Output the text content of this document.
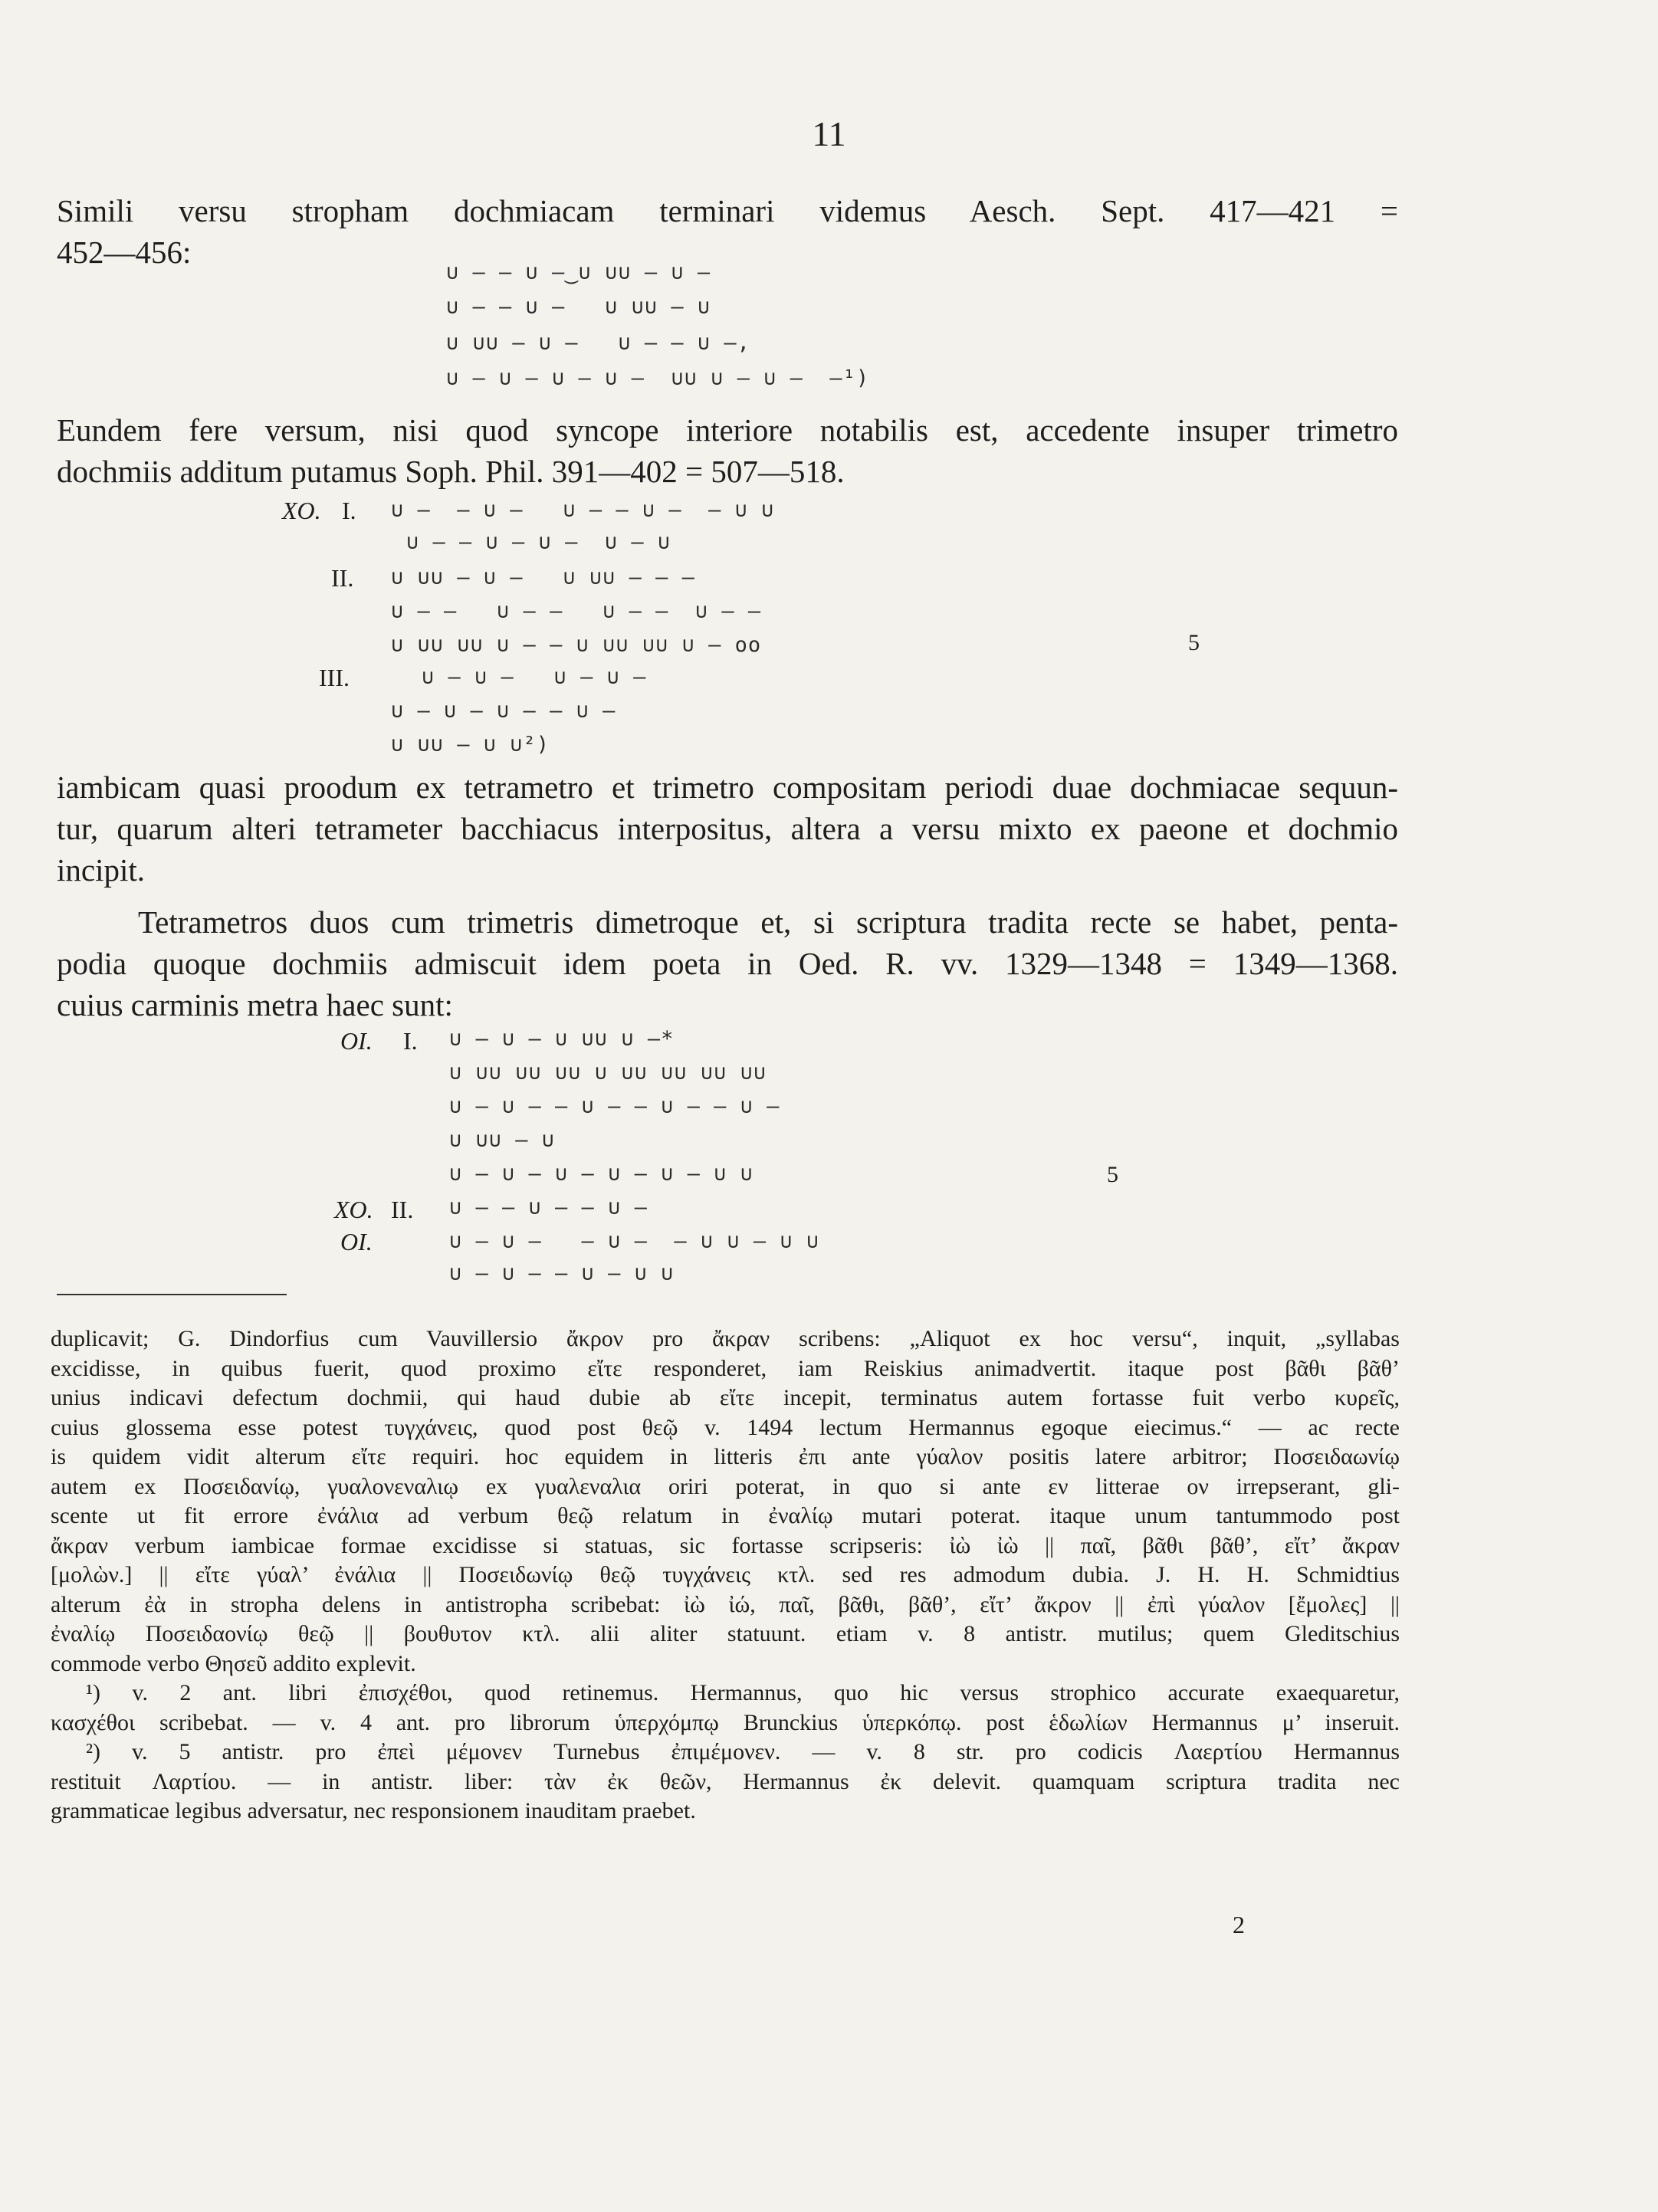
11
Simili versu stropham dochmiacam terminari videmus Aesch. Sept. 417—421 =
452—456:
∪ — — ∪ —‿∪ ∪∪ — ∪ —
∪ — — ∪ —   ∪ ∪∪ — ∪
∪ ∪∪ — ∪ —   ∪ — — ∪ —,
∪ — ∪ — ∪ — ∪ —  ∪∪ ∪ — ∪ —  —¹)
Eundem fere versum, nisi quod syncope interiore notabilis est, accedente insuper trimetro
dochmiis additum putamus Soph. Phil. 391—402 = 507—518.
XO. I.
II.
III.
5
∪ —  — ∪ —   ∪ — — ∪ —  — ∪ ∪
∪ — — ∪ — ∪ —  ∪ — ∪
∪ ∪∪ — ∪ —   ∪ ∪∪ — — —
∪ — —   ∪ — —   ∪ — —  ∪ — —
∪ ∪∪ ∪∪ ∪ — — ∪ ∪∪ ∪∪ ∪ — oo
∪ — ∪ —   ∪ — ∪ —
∪ — ∪ — ∪ — — ∪ —
∪ ∪∪ — ∪ ∪²)
iambicam quasi proodum ex tetrametro et trimetro compositam periodi duae dochmiacae sequun-
tur, quarum alteri tetrameter bacchiacus interpositus, altera a versu mixto ex paeone et dochmio
incipit.
Tetrametros duos cum trimetris dimetroque et, si scriptura tradita recte se habet, penta-
podia quoque dochmiis admiscuit idem poeta in Oed. R. vv. 1329—1348 = 1349—1368.
cuius carminis metra haec sunt:
OI. I.
XO. II.
OI.
5
∪ — ∪ — ∪ ∪∪ ∪ —*
∪ ∪∪ ∪∪ ∪∪ ∪ ∪∪ ∪∪ ∪∪ ∪∪
∪ — ∪ — — ∪ — — ∪ — — ∪ —
∪ ∪∪ — ∪
∪ — ∪ — ∪ — ∪ — ∪ — ∪ ∪
∪ — — ∪ — — ∪ —
∪ — ∪ —   — ∪ —  — ∪ ∪ — ∪ ∪
∪ — ∪ — — ∪ — ∪ ∪
duplicavit; G. Dindorfius cum Vauvillersio ἄκρον pro ἄκραν scribens: „Aliquot ex hoc versu“, inquit, „syllabas
excidisse, in quibus fuerit, quod proximo εἴτε responderet, iam Reiskius animadvertit. itaque post βᾶθι βᾶθ’
unius indicavi defectum dochmii, qui haud dubie ab εἴτε incepit, terminatus autem fortasse fuit verbo κυρεῖς,
cuius glossema esse potest τυγχάνεις, quod post θεῷ v. 1494 lectum Hermannus egoque eiecimus.“ — ac recte
is quidem vidit alterum εἴτε requiri. hoc equidem in litteris ἐπι ante γύαλον positis latere arbitror; Ποσειδαωνίῳ
autem ex Ποσειδανίῳ, γυαλονεναλιῳ ex γυαλεναλια oriri poterat, in quo si ante εν litterae ον irrepserant, gli-
scente ut fit errore ἐνάλια ad verbum θεῷ relatum in ἐναλίῳ mutari poterat. itaque unum tantummodo post
ἄκραν verbum iambicae formae excidisse si statuas, sic fortasse scripseris: ἰὼ ἰὼ || παῖ, βᾶθι βᾶθ’, εἴτ’ ἄκραν
[μολὼν.] || εἴτε γύαλ’ ἐνάλια || Ποσειδωνίῳ θεῷ τυγχάνεις κτλ. sed res admodum dubia. J. H. H. Schmidtius
alterum ἐὰ in stropha delens in antistropha scribebat: ἰὼ ἰώ, παῖ, βᾶθι, βᾶθ’, εἴτ’ ἄκρον || ἐπὶ γύαλον [ἔμολες] ||
ἐναλίῳ Ποσειδαονίῳ θεῷ || βουθυτον κτλ. alii aliter statuunt. etiam v. 8 antistr. mutilus; quem Gleditschius
commode verbo Θησεῦ addito explevit.
¹) v. 2 ant. libri ἐπισχέθοι, quod retinemus. Hermannus, quo hic versus strophico accurate exaequaretur,
κασχέθοι scribebat. — v. 4 ant. pro librorum ὑπερχόμπῳ Brunckius ὑπερκόπῳ. post ἑδωλίων Hermannus μ’ inseruit.
²) v. 5 antistr. pro ἐπεὶ μέμονεν Turnebus ἐπιμέμονεν. — v. 8 str. pro codicis Λαερτίου Hermannus
restituit Λαρτίου. — in antistr. liber: τὰν ἐκ θεῶν, Hermannus ἐκ delevit. quamquam scriptura tradita nec
grammaticae legibus adversatur, nec responsionem inauditam praebet.
2
